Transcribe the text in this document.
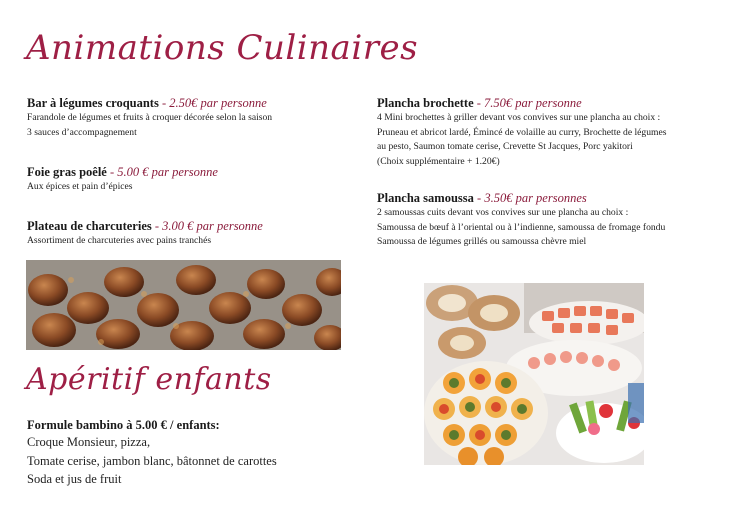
Animations Culinaires
Bar à légumes croquants - 2.50€ par personne
Farandole de légumes et fruits à croquer décorée selon la saison
3 sauces d’accompagnement
Foie gras poêlé - 5.00 € par personne
Aux épices et pain d’épices
Plateau de charcuteries - 3.00 € par personne
Assortiment de charcuteries avec pains tranchés
Plancha brochette - 7.50€ par personne
4 Mini brochettes à griller devant vos convives sur une plancha au choix :
Pruneau et abricot lardé, Émincé de volaille au curry, Brochette de légumes
au pesto, Saumon tomate cerise, Crevette St Jacques, Porc yakitori
(Choix supplémentaire + 1.20€)
Plancha samoussa - 3.50€ par personnes
2 samoussas cuits devant vos convives sur une plancha au choix :
Samoussa de bœuf à l’oriental ou à l’indienne, samoussa de fromage fondu
Samoussa de légumes grillés ou samoussa chèvre miel
Apéritif enfants
Formule bambino à 5.00 € / enfants:
Croque Monsieur, pizza,
Tomate cerise, jambon blanc, bâtonnet de carottes
Soda et jus de fruit
